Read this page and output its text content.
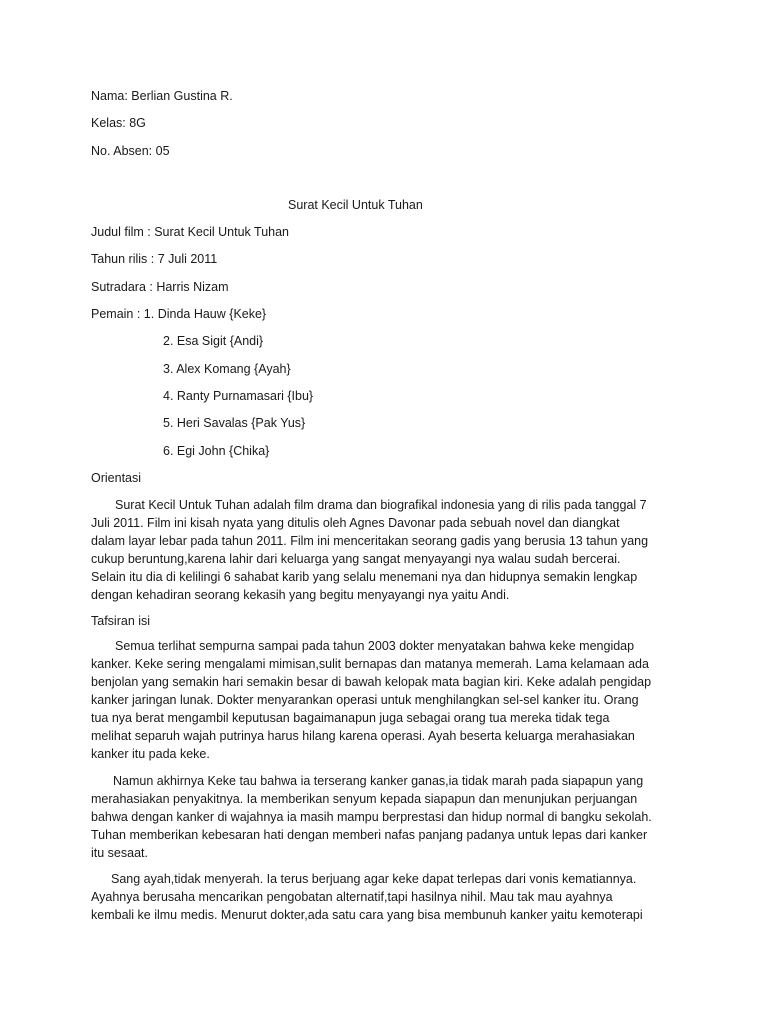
Nama: Berlian Gustina R.
Kelas: 8G
No. Absen: 05
Surat Kecil Untuk Tuhan
Judul film : Surat Kecil Untuk Tuhan
Tahun rilis : 7 Juli 2011
Sutradara : Harris Nizam
Pemain : 1. Dinda Hauw {Keke}
2. Esa Sigit {Andi}
3. Alex Komang {Ayah}
4. Ranty Purnamasari {Ibu}
5. Heri Savalas {Pak Yus}
6. Egi John {Chika}
Orientasi
Surat Kecil Untuk Tuhan adalah film drama dan biografikal indonesia yang di rilis pada tanggal 7
Juli 2011. Film ini kisah nyata yang ditulis oleh Agnes Davonar pada sebuah novel dan diangkat
dalam layar lebar pada tahun 2011. Film ini menceritakan seorang gadis yang berusia 13 tahun yang
cukup beruntung,karena lahir dari keluarga yang sangat menyayangi nya walau sudah bercerai.
Selain itu dia di kelilingi 6 sahabat karib yang selalu menemani nya dan hidupnya semakin lengkap
dengan kehadiran seorang kekasih yang begitu menyayangi nya yaitu Andi.
Tafsiran isi
Semua terlihat sempurna sampai pada tahun 2003 dokter menyatakan bahwa keke mengidap
kanker. Keke sering mengalami mimisan,sulit bernapas dan matanya memerah. Lama kelamaan ada
benjolan yang semakin hari semakin besar di bawah kelopak mata bagian kiri. Keke adalah pengidap
kanker jaringan lunak. Dokter menyarankan operasi untuk menghilangkan sel-sel kanker itu. Orang
tua nya berat mengambil keputusan bagaimanapun juga sebagai orang tua mereka tidak tega
melihat separuh wajah putrinya harus hilang karena operasi. Ayah beserta keluarga merahasiakan
kanker itu pada keke.
Namun akhirnya Keke tau bahwa ia terserang kanker ganas,ia tidak marah pada siapapun yang
merahasiakan penyakitnya. Ia memberikan senyum kepada siapapun dan menunjukan perjuangan
bahwa dengan kanker di wajahnya ia masih mampu berprestasi dan hidup normal di bangku sekolah.
Tuhan memberikan kebesaran hati dengan memberi nafas panjang padanya untuk lepas dari kanker
itu sesaat.
Sang ayah,tidak menyerah. Ia terus berjuang agar keke dapat terlepas dari vonis kematiannya.
Ayahnya berusaha mencarikan pengobatan alternatif,tapi hasilnya nihil. Mau tak mau ayahnya
kembali ke ilmu medis. Menurut dokter,ada satu cara yang bisa membunuh kanker yaitu kemoterapi
